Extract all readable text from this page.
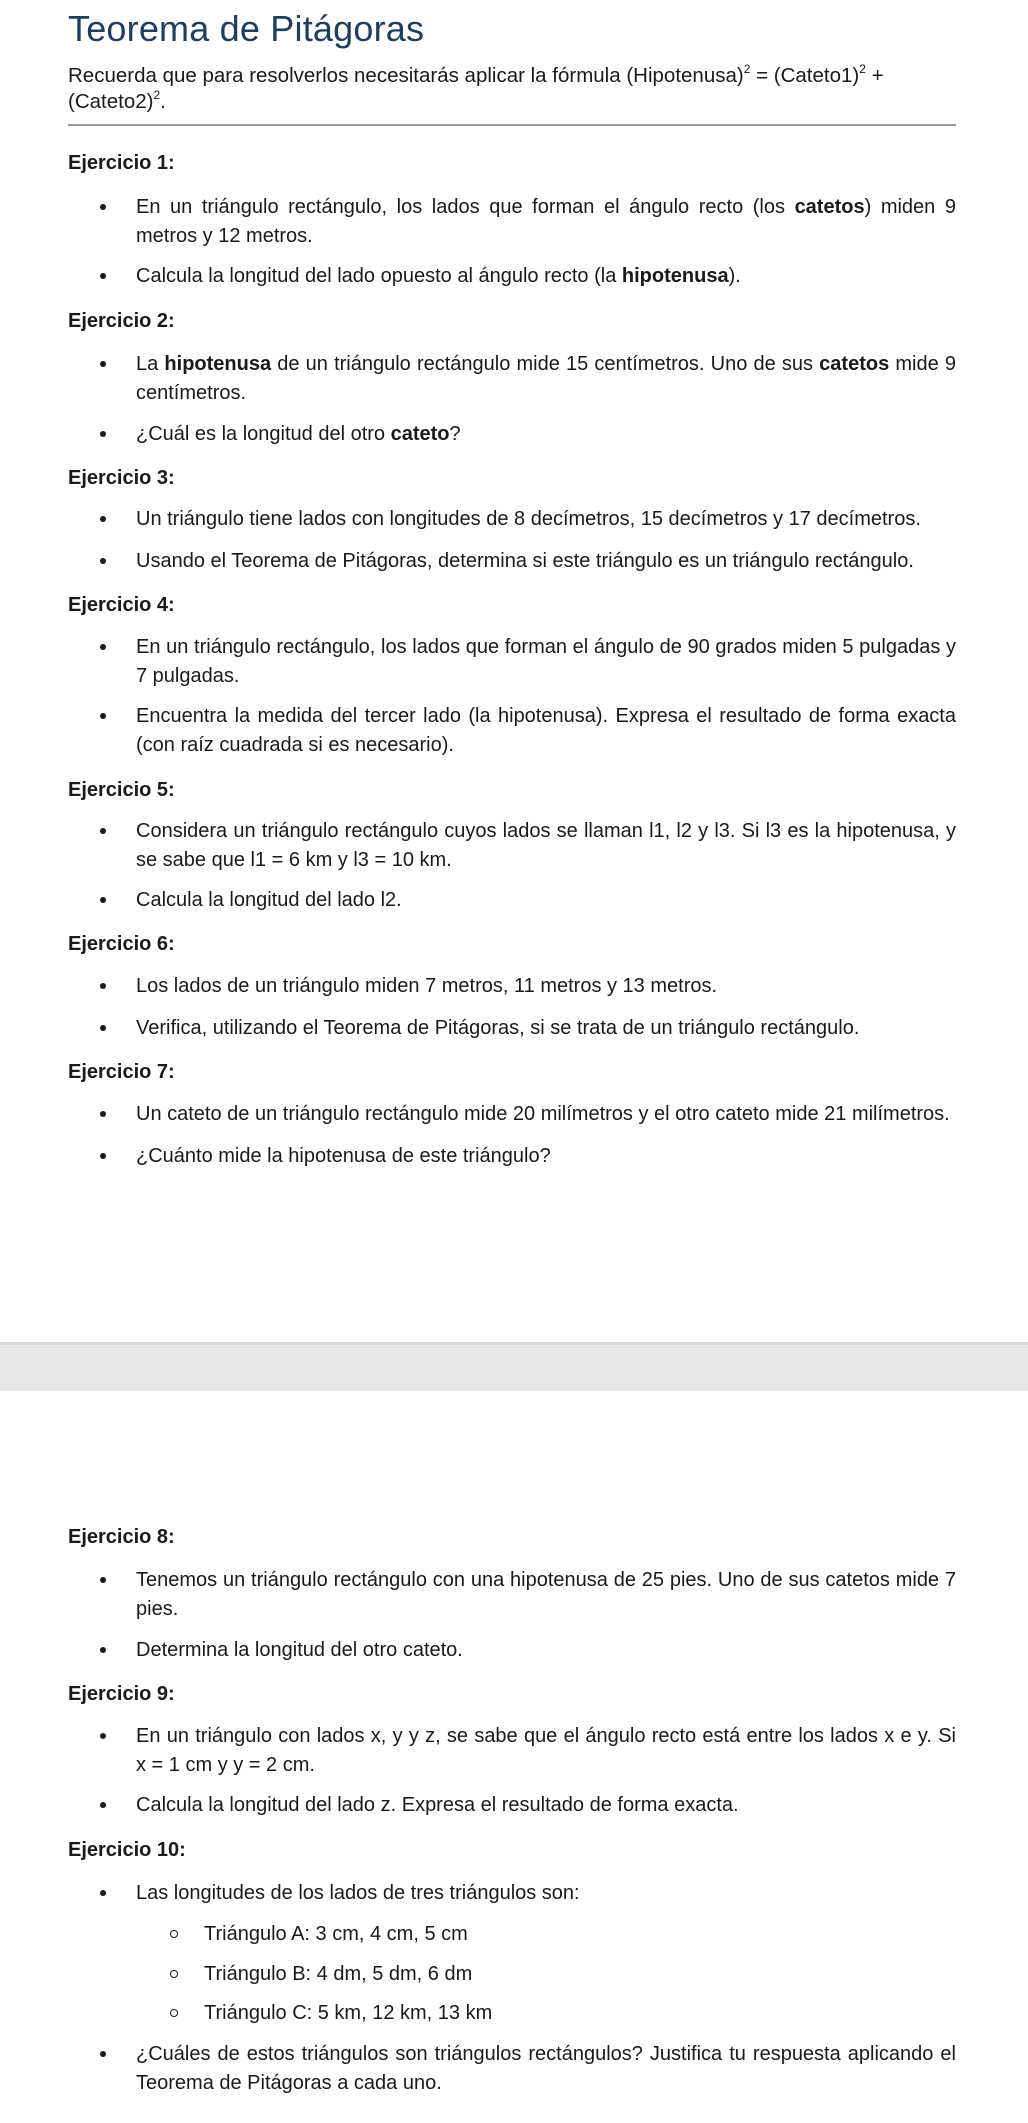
Teorema de Pitágoras
Recuerda que para resolverlos necesitarás aplicar la fórmula (Hipotenusa)$^2$ = (Cateto1)$^2$ + (Cateto2)$^2$.
Ejercicio 1:
En un triángulo rectángulo, los lados que forman el ángulo recto (los catetos) miden 9 metros y 12 metros.
Calcula la longitud del lado opuesto al ángulo recto (la hipotenusa).
Ejercicio 2:
La hipotenusa de un triángulo rectángulo mide 15 centímetros. Uno de sus catetos mide 9 centímetros.
¿Cuál es la longitud del otro cateto?
Ejercicio 3:
Un triángulo tiene lados con longitudes de 8 decímetros, 15 decímetros y 17 decímetros.
Usando el Teorema de Pitágoras, determina si este triángulo es un triángulo rectángulo.
Ejercicio 4:
En un triángulo rectángulo, los lados que forman el ángulo de 90 grados miden 5 pulgadas y 7 pulgadas.
Encuentra la medida del tercer lado (la hipotenusa). Expresa el resultado de forma exacta (con raíz cuadrada si es necesario).
Ejercicio 5:
Considera un triángulo rectángulo cuyos lados se llaman l1, l2 y l3. Si l3 es la hipotenusa, y se sabe que l1 = 6 km y l3 = 10 km.
Calcula la longitud del lado l2.
Ejercicio 6:
Los lados de un triángulo miden 7 metros, 11 metros y 13 metros.
Verifica, utilizando el Teorema de Pitágoras, si se trata de un triángulo rectángulo.
Ejercicio 7:
Un cateto de un triángulo rectángulo mide 20 milímetros y el otro cateto mide 21 milímetros.
¿Cuánto mide la hipotenusa de este triángulo?
Ejercicio 8:
Tenemos un triángulo rectángulo con una hipotenusa de 25 pies. Uno de sus catetos mide 7 pies.
Determina la longitud del otro cateto.
Ejercicio 9:
En un triángulo con lados x, y y z, se sabe que el ángulo recto está entre los lados x e y. Si x = 1 cm y y = 2 cm.
Calcula la longitud del lado z. Expresa el resultado de forma exacta.
Ejercicio 10:
Las longitudes de los lados de tres triángulos son:
Triángulo A: 3 cm, 4 cm, 5 cm
Triángulo B: 4 dm, 5 dm, 6 dm
Triángulo C: 5 km, 12 km, 13 km
¿Cuáles de estos triángulos son triángulos rectángulos? Justifica tu respuesta aplicando el Teorema de Pitágoras a cada uno.
